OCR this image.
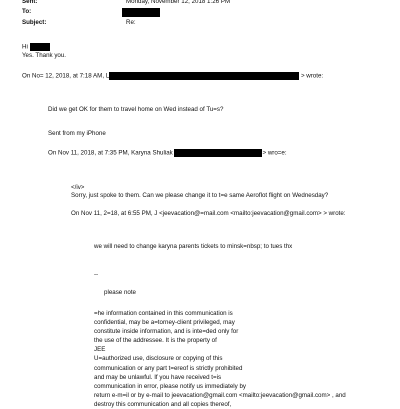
Sent:	Monday, November 12, 2018 1:26 PM
To:
Subject:	Re:
Hi
Yes. Thank you.
On No= 12, 2018, at 7:18 AM, L	> wrote:
Did we get OK for them to travel home on Wed instead of Tu=s?
Sent from my iPhone
On Nov 11, 2018, at 7:35 PM, Karyna Shuliak	> wro=e:
</iv>
Sorry, just spoke to them. Can we please change it to t=e same Aeroflot flight on Wednesday?
On Nov 11, 2=18, at 6:55 PM, J <jeevacation@=mail.com <mailto:jeevacation@gmail.com> > wrote:
we will need to change karyna parents tickets to minsk=nbsp; to tues thx
--
please note
=he information contained in this communication is
confidential, may be a=torney-client privileged, may
constitute inside information, and is inte=ded only for
the use of the addressee. It is the property of
JEE
U=authorized use, disclosure or copying of this
communication or any part t=ereof is strictly prohibited
and may be unlawful. If you have received t=is
communication in error, please notify us immediately by
return e-m=il or by e-mail to jeevacation@gmail.com <mailto:jeevacation@gmail.com> , and
destroy this communication and all copies thereof,
